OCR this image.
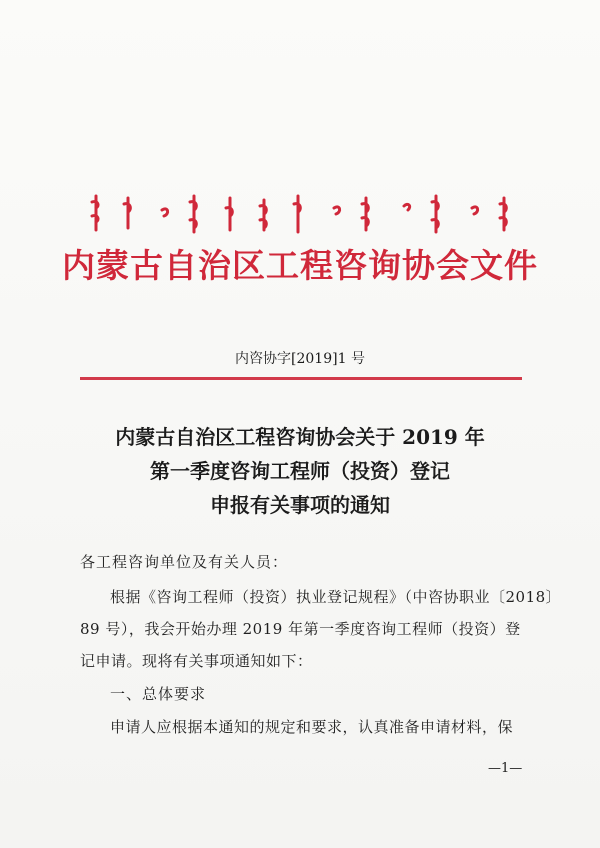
内蒙古自治区工程咨询协会文件
内咨协字[2019]1 号
内蒙古自治区工程咨询协会关于 2019 年
第一季度咨询工程师（投资）登记
申报有关事项的通知
各工程咨询单位及有关人员：
根据《咨询工程师（投资）执业登记规程》（中咨协职业〔2018〕
89 号），我会开始办理 2019 年第一季度咨询工程师（投资）登
记申请。现将有关事项通知如下：
一、总体要求
申请人应根据本通知的规定和要求，认真准备申请材料，保
—1—
